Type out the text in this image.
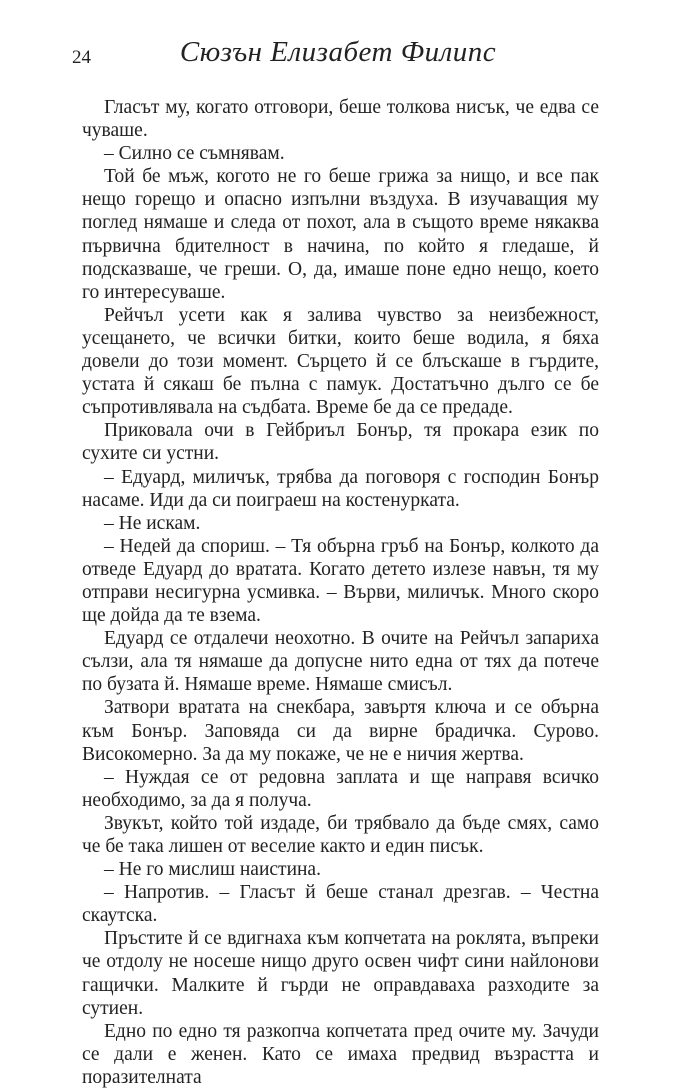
24	Сюзън Елизабет Филипс

Гласът му, когато отговори, беше толкова нисък, че едва се чуваше.

– Силно се съмнявам.

Той бе мъж, когото не го беше грижа за нищо, и все пак нещо горещо и опасно изпълни въздуха. В изучаващия му поглед нямаше и следа от похот, ала в същото време някаква първична бдителност в начина, по който я гледаше, й подсказваше, че греши. О, да, имаше поне едно нещо, което го интересуваше.

Рейчъл усети как я залива чувство за неизбежност, усещането, че всички битки, които беше водила, я бяха довели до този момент. Сърцето й се блъскаше в гърдите, устата й сякаш бе пълна с памук. Достатъчно дълго се бе съпротивлявала на съдбата. Време бе да се предаде.

Приковала очи в Гейбриъл Бонър, тя прокара език по сухите си устни.

– Едуард, миличък, трябва да поговоря с господин Бонър насаме. Иди да си поиграеш на костенурката.

– Не искам.

– Недей да спориш. – Тя обърна гръб на Бонър, колкото да отведе Едуард до вратата. Когато детето излезе навън, тя му отправи несигурна усмивка. – Върви, миличък. Много скоро ще дойда да те взема.

Едуард се отдалечи неохотно. В очите на Рейчъл запариха сълзи, ала тя нямаше да допусне нито една от тях да потече по бузата й. Нямаше време. Нямаше смисъл.

Затвори вратата на снекбара, завъртя ключа и се обърна към Бонър. Заповядa си да вирне брадичка. Сурово. Високомерно. За да му покаже, че не е ничия жертва.

– Нуждая се от редовна заплата и ще направя всичко необходимо, за да я получа.

Звукът, който той издаде, би трябвало да бъде смях, само че бе така лишен от веселие както и един писък.

– Не го мислиш наистина.

– Напротив. – Гласът й беше станал дрезгав. – Честна скаутска.

Пръстите й се вдигнаха към копчетата на роклята, въпреки че отдолу не носеше нищо друго освен чифт сини найлонови гащички. Малките й гърди не оправдаваха разходите за сутиен.

Едно по едно тя разкопча копчетата пред очите му. Зачуди се дали е женен. Като се имаха предвид възрастта и поразителната
